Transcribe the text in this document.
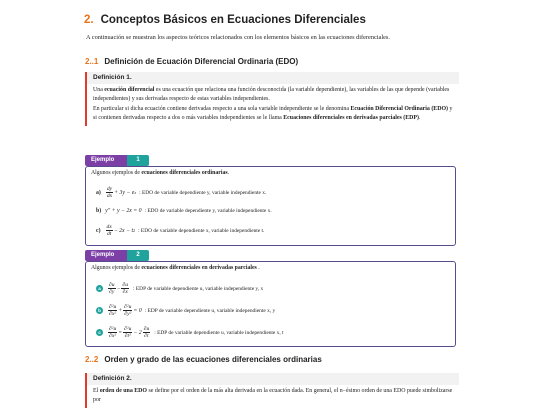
2. Conceptos Básicos en Ecuaciones Diferenciales
A continuación se muestran los aspectos teóricos relacionados con los elementos básicos en las ecuaciones diferenciales.
2..1 Definición de Ecuación Diferencial Ordinaria (EDO)
Definición 1.

Una ecuación diferencial es una ecuación que relaciona una función desconocida (la variable dependiente), las variables de las que depende (variables independientes) y sus derivadas respecto de estas variables independientes.

En particular si dicha ecuación contiene derivadas respecto a una sola variable independiente se le denomina Ecuación Diferencial Ordinaria (EDO) y si contienen derivadas respecto a dos o más variables independientes se le llama Ecuaciones diferenciales en derivadas parciales (EDP).

Ejemplo	1
Algunos ejemplos de ecuaciones diferenciales ordinarias.
$a) \frac{dy}{dx} + 3y - e$ x : EDO de variable dependiente y, variable independiente x.
b) y″ + y − 2x = 0 : EDO de variable dependiente y, variable independiente x.
$c) \frac{dx}{dt} - 2x - t$ 2 : EDO de variable dependiente x, variable independiente t.
Ejemplo	2
Algunos ejemplos de ecuaciones diferenciales en derivadas parciales .
a	$\frac{\partial u}{\partial y} - \frac{\partial u}{\partial x}$ : EDP de variable dependiente u, variable independiente y, x
b	$\frac{\text{∂²u}}{\text{∂x²}} + \frac{\text{∂²u}}{\text{∂y²}} = 0$ : EDP de variable dependiente u, variable independiente x, y
c	$\frac{\text{∂²u}}{\text{∂x²}} = \frac{\text{∂²u}}{\text{∂t²}} - 2 \frac{\partial u}{\partial t}$ : EDP de variable dependiente u, variable independiente x, t
2..2 Orden y grado de las ecuaciones diferenciales ordinarias
Definición 2.

El orden de una EDO se define por el orden de la más alta derivada en la ecuación dada. En general, el n−ésimo orden de una EDO puede simbolizarse por
